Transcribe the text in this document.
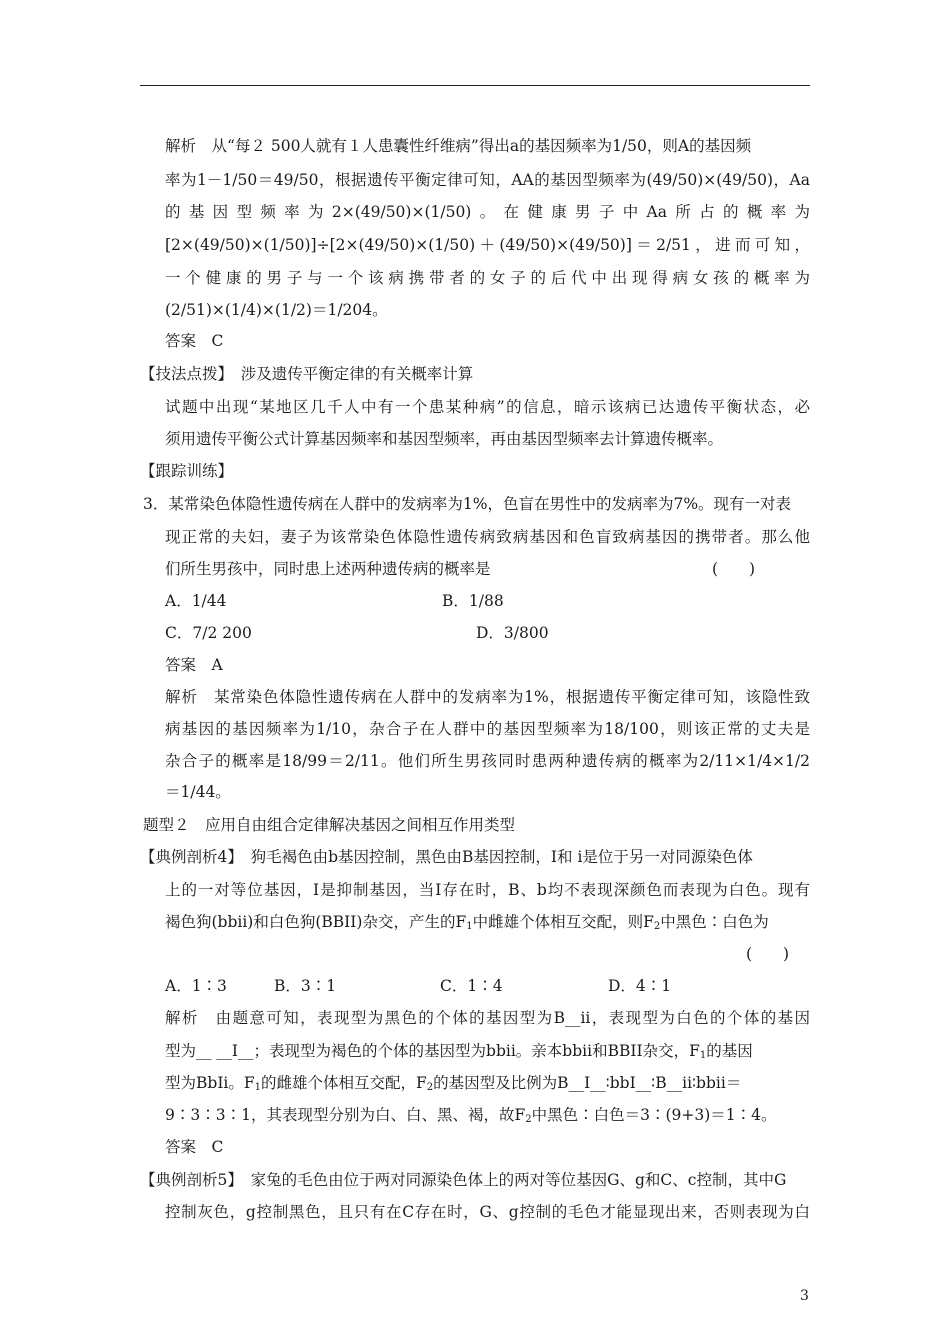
解析　从“每２ 500人就有１人患囊性纤维病”得出a的基因频率为1/50，则A的基因频
率为1－1/50＝49/50，根据遗传平衡定律可知，AA的基因型频率为(49/50)×(49/50)，Aa
的基因型频率为2×(49/50)×(1/50)。在健康男子中Aa所占的概率为
[2×(49/50)×(1/50)]÷[2×(49/50)×(1/50)＋(49/50)×(49/50)]＝2/51，进而可知，
一个健康的男子与一个该病携带者的女子的后代中出现得病女孩的概率为
(2/51)×(1/4)×(1/2)＝1/204。
答案　C
【技法点拨】　涉及遗传平衡定律的有关概率计算
试题中出现“某地区几千人中有一个患某种病”的信息，暗示该病已达遗传平衡状态，必
须用遗传平衡公式计算基因频率和基因型频率，再由基因型频率去计算遗传概率。
【跟踪训练】
3．某常染色体隐性遗传病在人群中的发病率为1%，色盲在男性中的发病率为7%。现有一对表
现正常的夫妇，妻子为该常染色体隐性遗传病致病基因和色盲致病基因的携带者。那么他
们所生男孩中，同时患上述两种遗传病的概率是	(　　)
A．1/44	B．1/88
C．7/2 200	D．3/800
答案　A
解析　某常染色体隐性遗传病在人群中的发病率为1%，根据遗传平衡定律可知，该隐性致
病基因的基因频率为1/10，杂合子在人群中的基因型频率为18/100，则该正常的丈夫是
杂合子的概率是18/99＝2/11。他们所生男孩同时患两种遗传病的概率为2/11×1/4×1/2
＝1/44。
题型２　应用自由组合定律解决基因之间相互作用类型
【典例剖析4】　狗毛褐色由b基因控制，黑色由B基因控制，I和 i是位于另一对同源染色体
上的一对等位基因，I是抑制基因，当I存在时，B、b均不表现深颜色而表现为白色。现有
褐色狗(bbii)和白色狗(BBII)杂交，产生的$F_1$中雌雄个体相互交配，则$F_2$中黑色∶白色为
(　　)
A．1∶3	B．3∶1	C．1∶4	D．4∶1
解析　由题意可知，表现型为黑色的个体的基因型为B__ii，表现型为白色的个体的基因
型为__ __I__；表现型为褐色的个体的基因型为bbii。亲本bbii和BBII杂交，$F_1$的基因
型为BbIi。$F_1$的雌雄个体相互交配，$F_2$的基因型及比例为B__I__∶bbI__∶B__ii∶bbii＝
9∶3∶3∶1，其表现型分别为白、白、黑、褐，故$F_2$中黑色∶白色＝3∶(9+3)＝1∶4。
答案　C
【典例剖析5】　家兔的毛色由位于两对同源染色体上的两对等位基因G、g和C、c控制，其中G
控制灰色，g控制黑色，且只有在C存在时，G、g控制的毛色才能显现出来，否则表现为白
3
